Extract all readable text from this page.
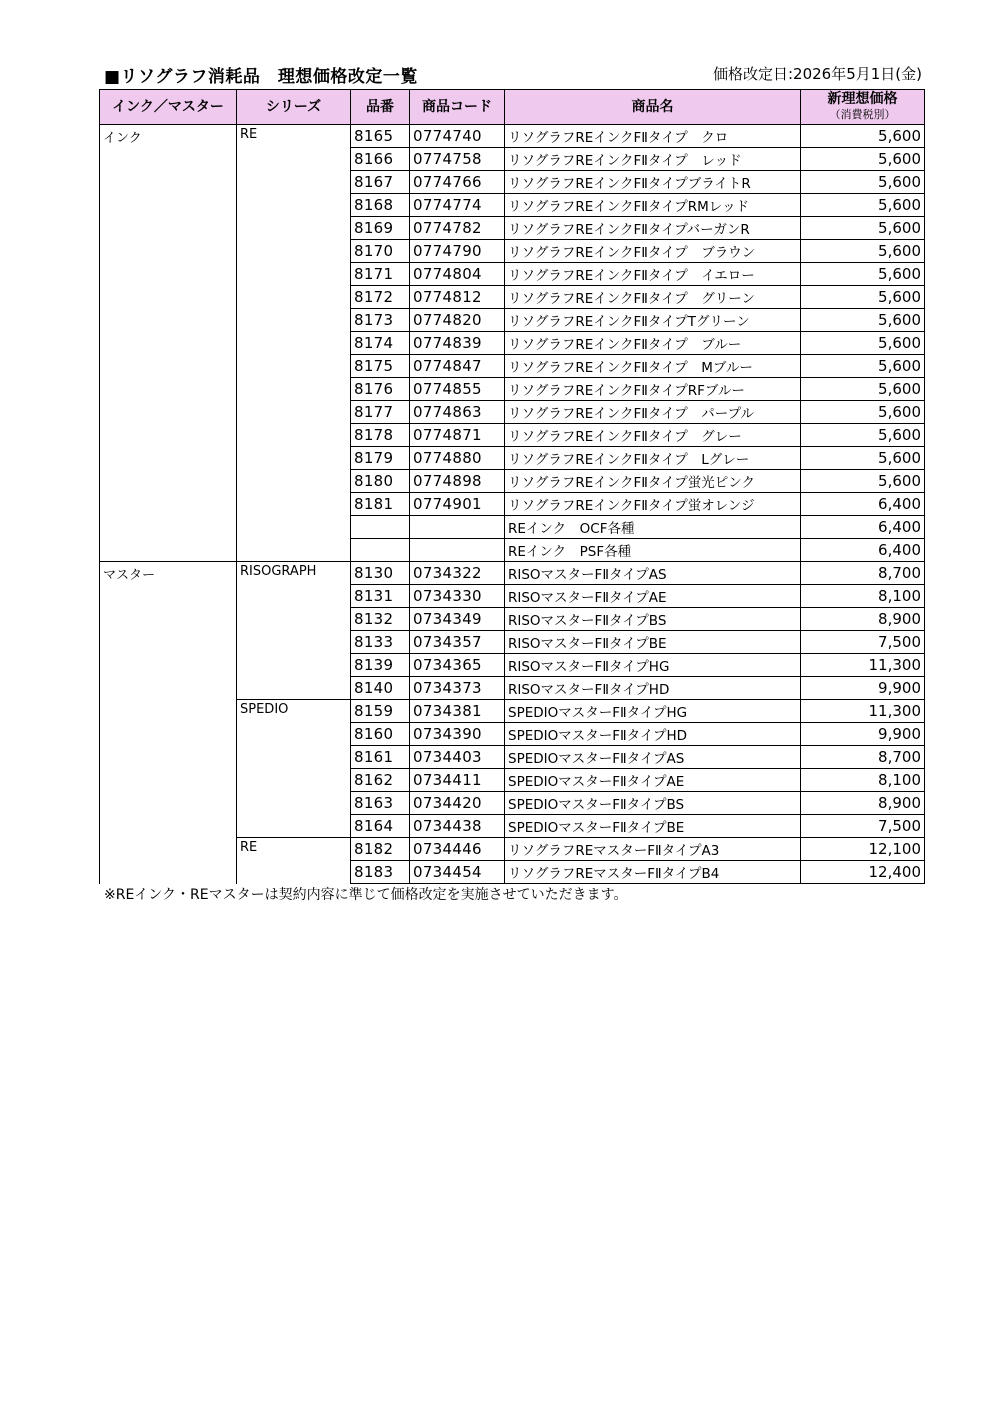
■リソグラフ消耗品　理想価格改定一覧	価格改定日:2026年5月1日(金)
インク／マスター	シリーズ	品番	商品コード	商品名	新理想価格
（消費税別）

インク	RE	8165	0774740	リソグラフREインクFⅡタイプ　クロ	5,600
		8166	0774758	リソグラフREインクFⅡタイプ　レッド	5,600
		8167	0774766	リソグラフREインクFⅡタイプブライトR	5,600
		8168	0774774	リソグラフREインクFⅡタイプRMレッド	5,600
		8169	0774782	リソグラフREインクFⅡタイプバーガンR	5,600
		8170	0774790	リソグラフREインクFⅡタイプ　ブラウン	5,600
		8171	0774804	リソグラフREインクFⅡタイプ　イエロー	5,600
		8172	0774812	リソグラフREインクFⅡタイプ　グリーン	5,600
		8173	0774820	リソグラフREインクFⅡタイプTグリーン	5,600
		8174	0774839	リソグラフREインクFⅡタイプ　ブルー	5,600
		8175	0774847	リソグラフREインクFⅡタイプ　Mブルー	5,600
		8176	0774855	リソグラフREインクFⅡタイプRFブルー	5,600
		8177	0774863	リソグラフREインクFⅡタイプ　パープル	5,600
		8178	0774871	リソグラフREインクFⅡタイプ　グレー	5,600
		8179	0774880	リソグラフREインクFⅡタイプ　Lグレー	5,600
		8180	0774898	リソグラフREインクFⅡタイプ蛍光ピンク	5,600
		8181	0774901	リソグラフREインクFⅡタイプ蛍オレンジ	6,400
				REインク　OCF各種	6,400
				REインク　PSF各種	6,400
マスター	RISOGRAPH	8130	0734322	RISOマスターFⅡタイプAS	8,700
		8131	0734330	RISOマスターFⅡタイプAE	8,100
		8132	0734349	RISOマスターFⅡタイプBS	8,900
		8133	0734357	RISOマスターFⅡタイプBE	7,500
		8139	0734365	RISOマスターFⅡタイプHG	11,300
		8140	0734373	RISOマスターFⅡタイプHD	9,900
	SPEDIO	8159	0734381	SPEDIOマスターFⅡタイプHG	11,300
		8160	0734390	SPEDIOマスターFⅡタイプHD	9,900
		8161	0734403	SPEDIOマスターFⅡタイプAS	8,700
		8162	0734411	SPEDIOマスターFⅡタイプAE	8,100
		8163	0734420	SPEDIOマスターFⅡタイプBS	8,900
		8164	0734438	SPEDIOマスターFⅡタイプBE	7,500
	RE	8182	0734446	リソグラフREマスターFⅡタイプA3	12,100
		8183	0734454	リソグラフREマスターFⅡタイプB4	12,400
※REインク・REマスターは契約内容に準じて価格改定を実施させていただきます。
